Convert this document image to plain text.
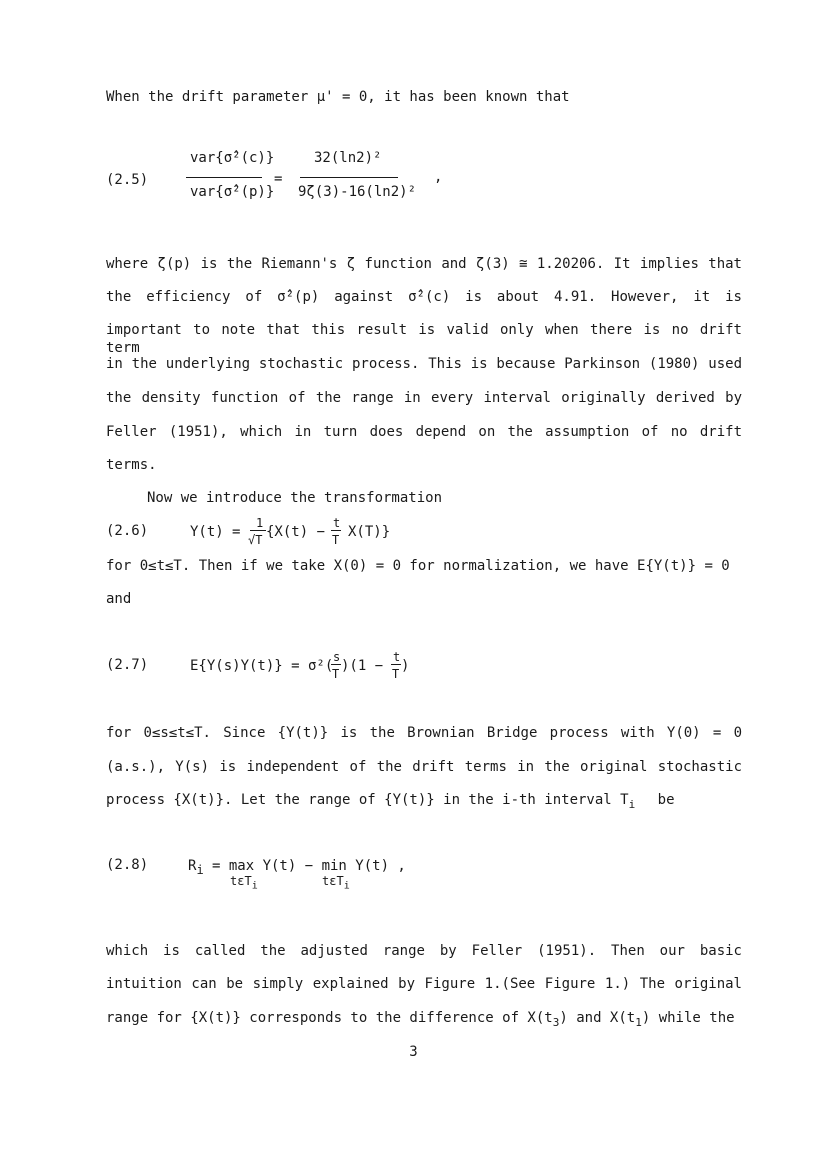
When the drift parameter μ' = 0, it has been known that
(2.5)
var{σ̂²(c)}
var{σ̂²(p)}
=
32(ln2)²
9ζ(3)-16(ln2)²
,
where ζ(p) is the Riemann's ζ function and ζ(3) ≅ 1.20206. It implies that
the efficiency of σ̂²(p) against σ̂²(c) is about 4.91. However, it is
important to note that this result is valid only when there is no drift term
in the underlying stochastic process. This is because Parkinson (1980) used
the density function of the range in every interval originally derived by
Feller (1951), which in turn does depend on the assumption of no drift
terms.
Now we introduce the transformation
(2.6)	Y(t) =
1
√T {X(t) −
t
T X(T)}
for 0≤t≤T. Then if we take X(0) = 0 for normalization, we have E{Y(t)} = 0
and
(2.7)	E{Y(s)Y(t)} = σ²(
s
T )(1 −
t
T )
for 0≤s≤t≤T. Since {Y(t)} is the Brownian Bridge process with Y(0) = 0
(a.s.), Y(s) is independent of the drift terms in the original stochastic
process {X(t)}. Let the range of {Y(t)} in the i-th interval $T_i$ be
(2.8)	$R_i = \max Y(t) - \min Y(t)$ ,
tεT$_i$	tεT$_i$
which is called the adjusted range by Feller (1951). Then our basic
intuition can be simply explained by Figure 1.(See Figure 1.) The original
range for {X(t)} corresponds to the difference of $X(t_3)$ and $X(t_1)$ while the
3
